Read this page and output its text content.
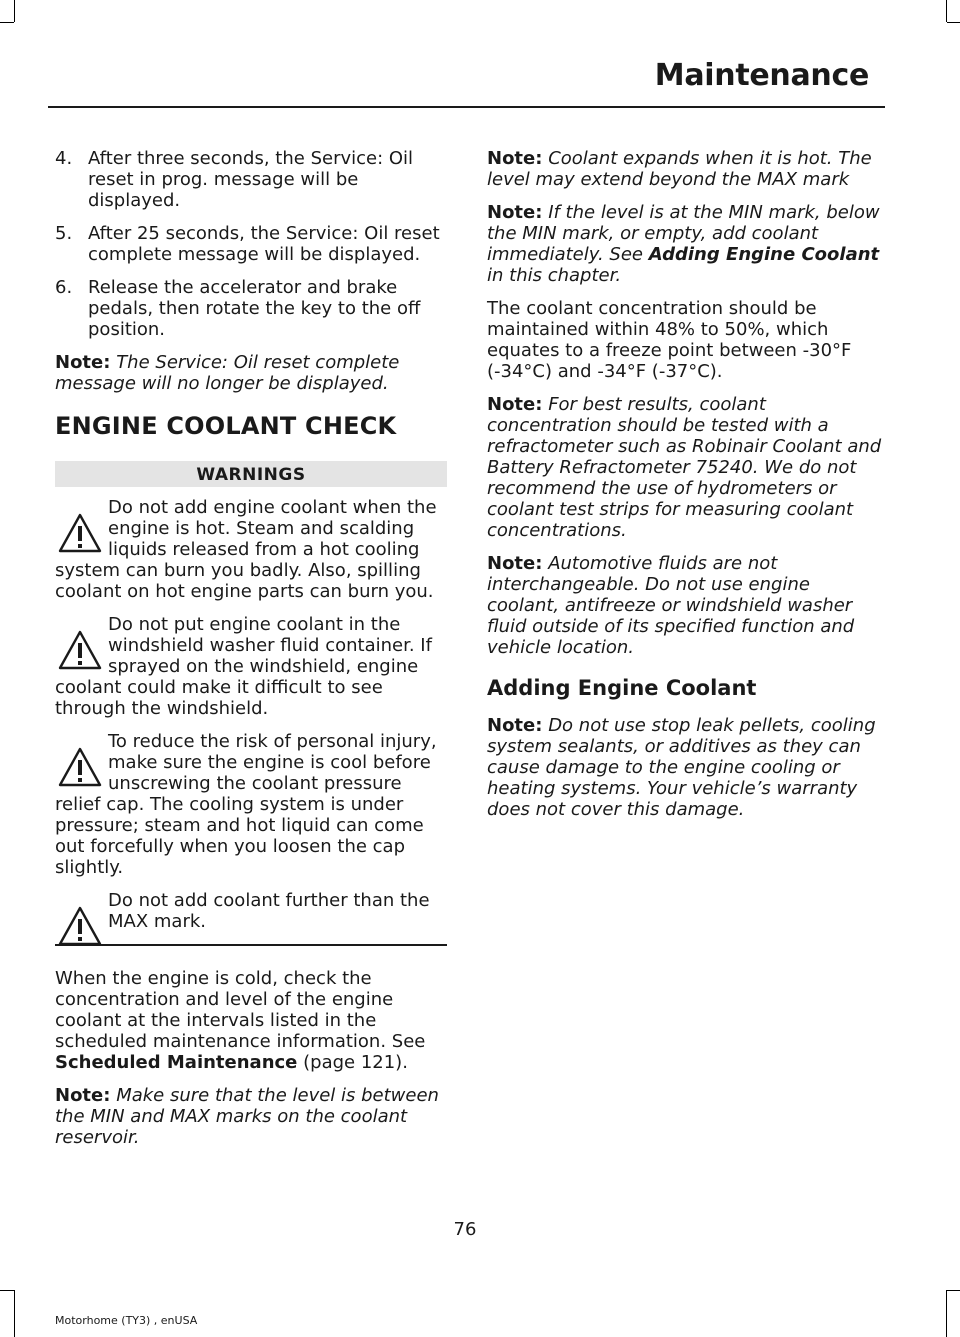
Maintenance
4. After three seconds, the Service: Oil reset in prog. message will be displayed.
5. After 25 seconds, the Service: Oil reset complete message will be displayed.
6. Release the accelerator and brake pedals, then rotate the key to the off position.

Note: The Service: Oil reset complete message will no longer be displayed.

ENGINE COOLANT CHECK
WARNINGS
Do not add engine coolant when the engine is hot. Steam and scalding liquids released from a hot cooling system can burn you badly. Also, spilling coolant on hot engine parts can burn you.
Do not put engine coolant in the windshield washer fluid container. If sprayed on the windshield, engine coolant could make it difficult to see through the windshield.
To reduce the risk of personal injury, make sure the engine is cool before unscrewing the coolant pressure relief cap. The cooling system is under pressure; steam and hot liquid can come out forcefully when you loosen the cap slightly.
Do not add coolant further than the MAX mark.

When the engine is cold, check the concentration and level of the engine coolant at the intervals listed in the scheduled maintenance information. See Scheduled Maintenance (page 121).

Note: Make sure that the level is between the MIN and MAX marks on the coolant reservoir.

Note: Coolant expands when it is hot. The level may extend beyond the MAX mark

Note: If the level is at the MIN mark, below the MIN mark, or empty, add coolant immediately. See Adding Engine Coolant in this chapter.

The coolant concentration should be maintained within 48% to 50%, which equates to a freeze point between -30°F (-34°C) and -34°F (-37°C).

Note: For best results, coolant concentration should be tested with a refractometer such as Robinair Coolant and Battery Refractometer 75240. We do not recommend the use of hydrometers or coolant test strips for measuring coolant concentrations.

Note: Automotive fluids are not interchangeable. Do not use engine coolant, antifreeze or windshield washer fluid outside of its specified function and vehicle location.

Adding Engine Coolant

Note: Do not use stop leak pellets, cooling system sealants, or additives as they can cause damage to the engine cooling or heating systems. Your vehicle’s warranty does not cover this damage.

76
Motorhome (TY3) , enUSA
